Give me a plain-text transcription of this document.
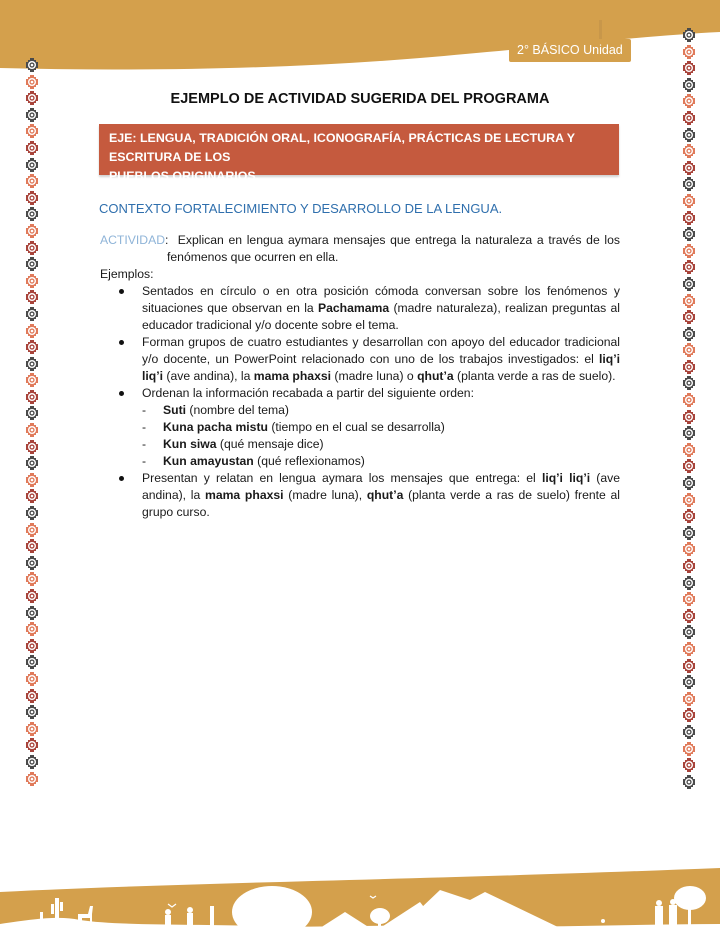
2° BÁSICO Unidad 4
EJEMPLO DE ACTIVIDAD SUGERIDA DEL PROGRAMA
EJE: LENGUA, TRADICIÓN ORAL, ICONOGRAFÍA, PRÁCTICAS DE LECTURA Y ESCRITURA DE LOS
PUEBLOS ORIGINARIOS.
CONTEXTO FORTALECIMIENTO Y DESARROLLO DE LA LENGUA.
ACTIVIDAD: Explican en lengua aymara mensajes que entrega la naturaleza a través de los
fenómenos que ocurren en ella.
Ejemplos:
Sentados en círculo o en otra posición cómoda conversan sobre los fenómenos y situaciones que observan en la Pachamama (madre naturaleza), realizan preguntas al educador tradicional y/o docente sobre el tema.
Forman grupos de cuatro estudiantes y desarrollan con apoyo del educador tradicional y/o docente, un PowerPoint relacionado con uno de los trabajos investigados: el liq’i liq’i (ave andina), la mama phaxsi (madre luna) o qhut’a (planta verde a ras de suelo).
Ordenan la información recabada a partir del siguiente orden:
- Suti (nombre del tema)
- Kuna pacha mistu (tiempo en el cual se desarrolla)
- Kun siwa (qué mensaje dice)
- Kun amayustan (qué reflexionamos)
Presentan y relatan en lengua aymara los mensajes que entrega: el liq’i liq’i (ave andina), la mama phaxsi (madre luna), qhut’a (planta verde a ras de suelo) frente al grupo curso.
